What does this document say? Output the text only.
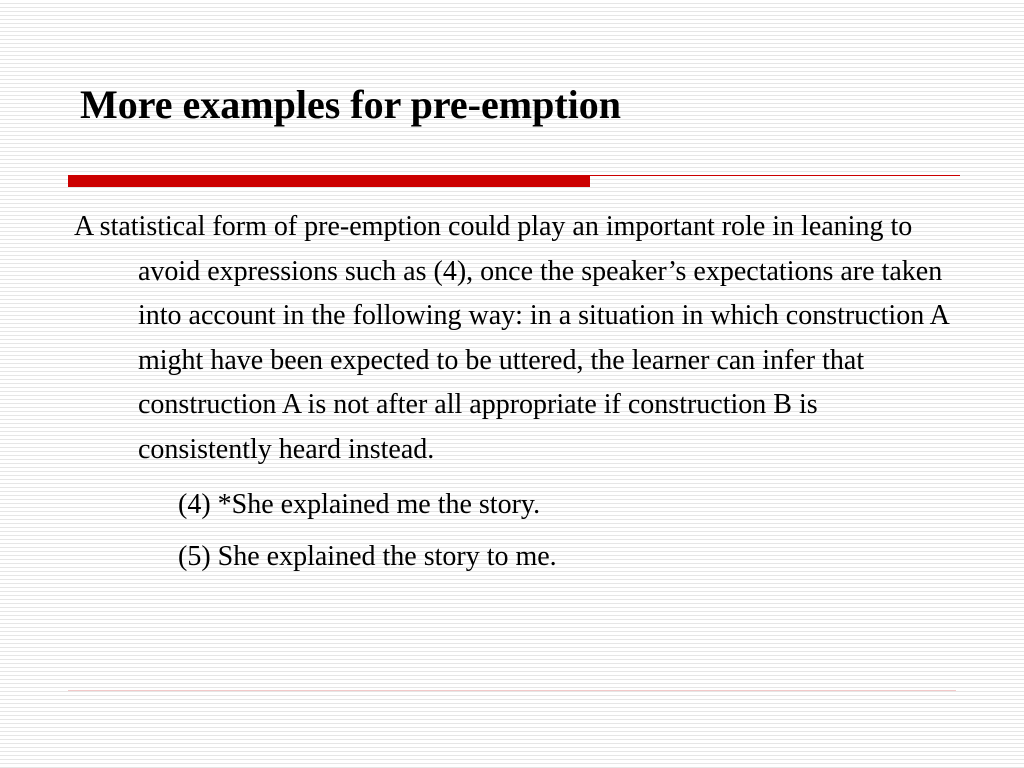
More examples for pre-emption

A statistical form of pre-emption could play an important role in leaning to avoid expressions such as (4), once the speaker’s expectations are taken into account in the following way: in a situation in which construction A might have been expected to be uttered, the learner can infer that construction A is not after all appropriate if construction B is consistently heard instead.

(4) *She explained me the story.

(5) She explained the story to me.
